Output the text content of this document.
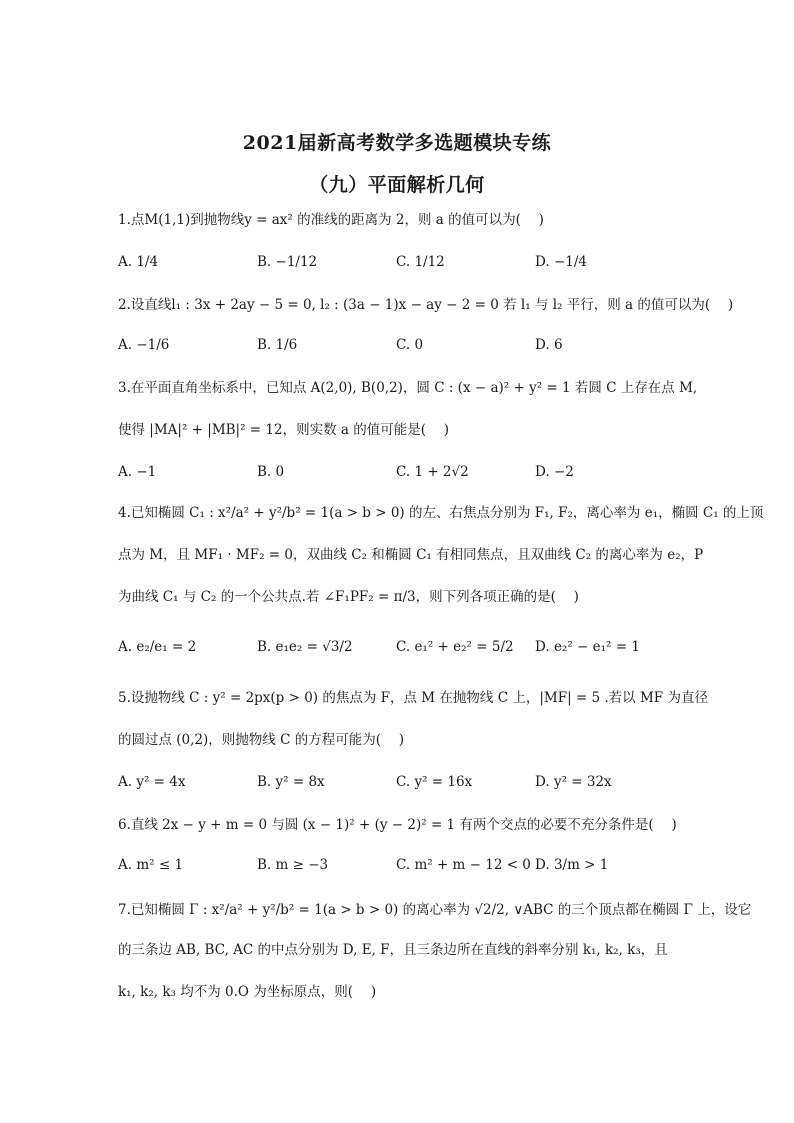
2021届新高考数学多选题模块专练
（九）平面解析几何
1.点M(1,1)到抛物线y = ax² 的准线的距离为 2，则 a 的值可以为(　 )
A. 1/4	B. −1/12	C. 1/12	D. −1/4
2.设直线l₁ : 3x + 2ay − 5 = 0, l₂ : (3a − 1)x − ay − 2 = 0 若 l₁ 与 l₂ 平行，则 a 的值可以为(　 )
A. −1/6	B. 1/6	C. 0	D. 6
3.在平面直角坐标系中，已知点 A(2,0), B(0,2)，圆 C : (x − a)² + y² = 1 若圆 C 上存在点 M,
使得 |MA|² + |MB|² = 12，则实数 a 的值可能是(　 )
A. −1	B. 0	C. 1 + 2√2	D. −2
4.已知椭圆 C₁ : x²/a² + y²/b² = 1(a > b > 0) 的左、右焦点分别为 F₁, F₂，离心率为 e₁，椭圆 C₁ 的上顶
点为 M，且 MF₁ · MF₂ = 0，双曲线 C₂ 和椭圆 C₁ 有相同焦点，且双曲线 C₂ 的离心率为 e₂，P
为曲线 C₁ 与 C₂ 的一个公共点.若 ∠F₁PF₂ = π/3，则下列各项正确的是(　 )
A. e₂/e₁ = 2	B. e₁e₂ = √3/2	C. e₁² + e₂² = 5/2 D. e₂² − e₁² = 1
5.设抛物线 C : y² = 2px(p > 0) 的焦点为 F，点 M 在抛物线 C 上，|MF| = 5 .若以 MF 为直径
的圆过点 (0,2)，则抛物线 C 的方程可能为(　 )
A. y² = 4x	B. y² = 8x	C. y² = 16x	D. y² = 32x
6.直线 2x − y + m = 0 与圆 (x − 1)² + (y − 2)² = 1 有两个交点的必要不充分条件是(　 )
A. m² ≤ 1	B. m ≥ −3	C. m² + m − 12 < 0 D. 3/m > 1
7.已知椭圆 Γ : x²/a² + y²/b² = 1(a > b > 0) 的离心率为 √2/2, ∨ABC 的三个顶点都在椭圆 Γ 上，设它
的三条边 AB, BC, AC 的中点分别为 D, E, F，且三条边所在直线的斜率分别 k₁, k₂, k₃，且
k₁, k₂, k₃ 均不为 0.O 为坐标原点，则(　 )
